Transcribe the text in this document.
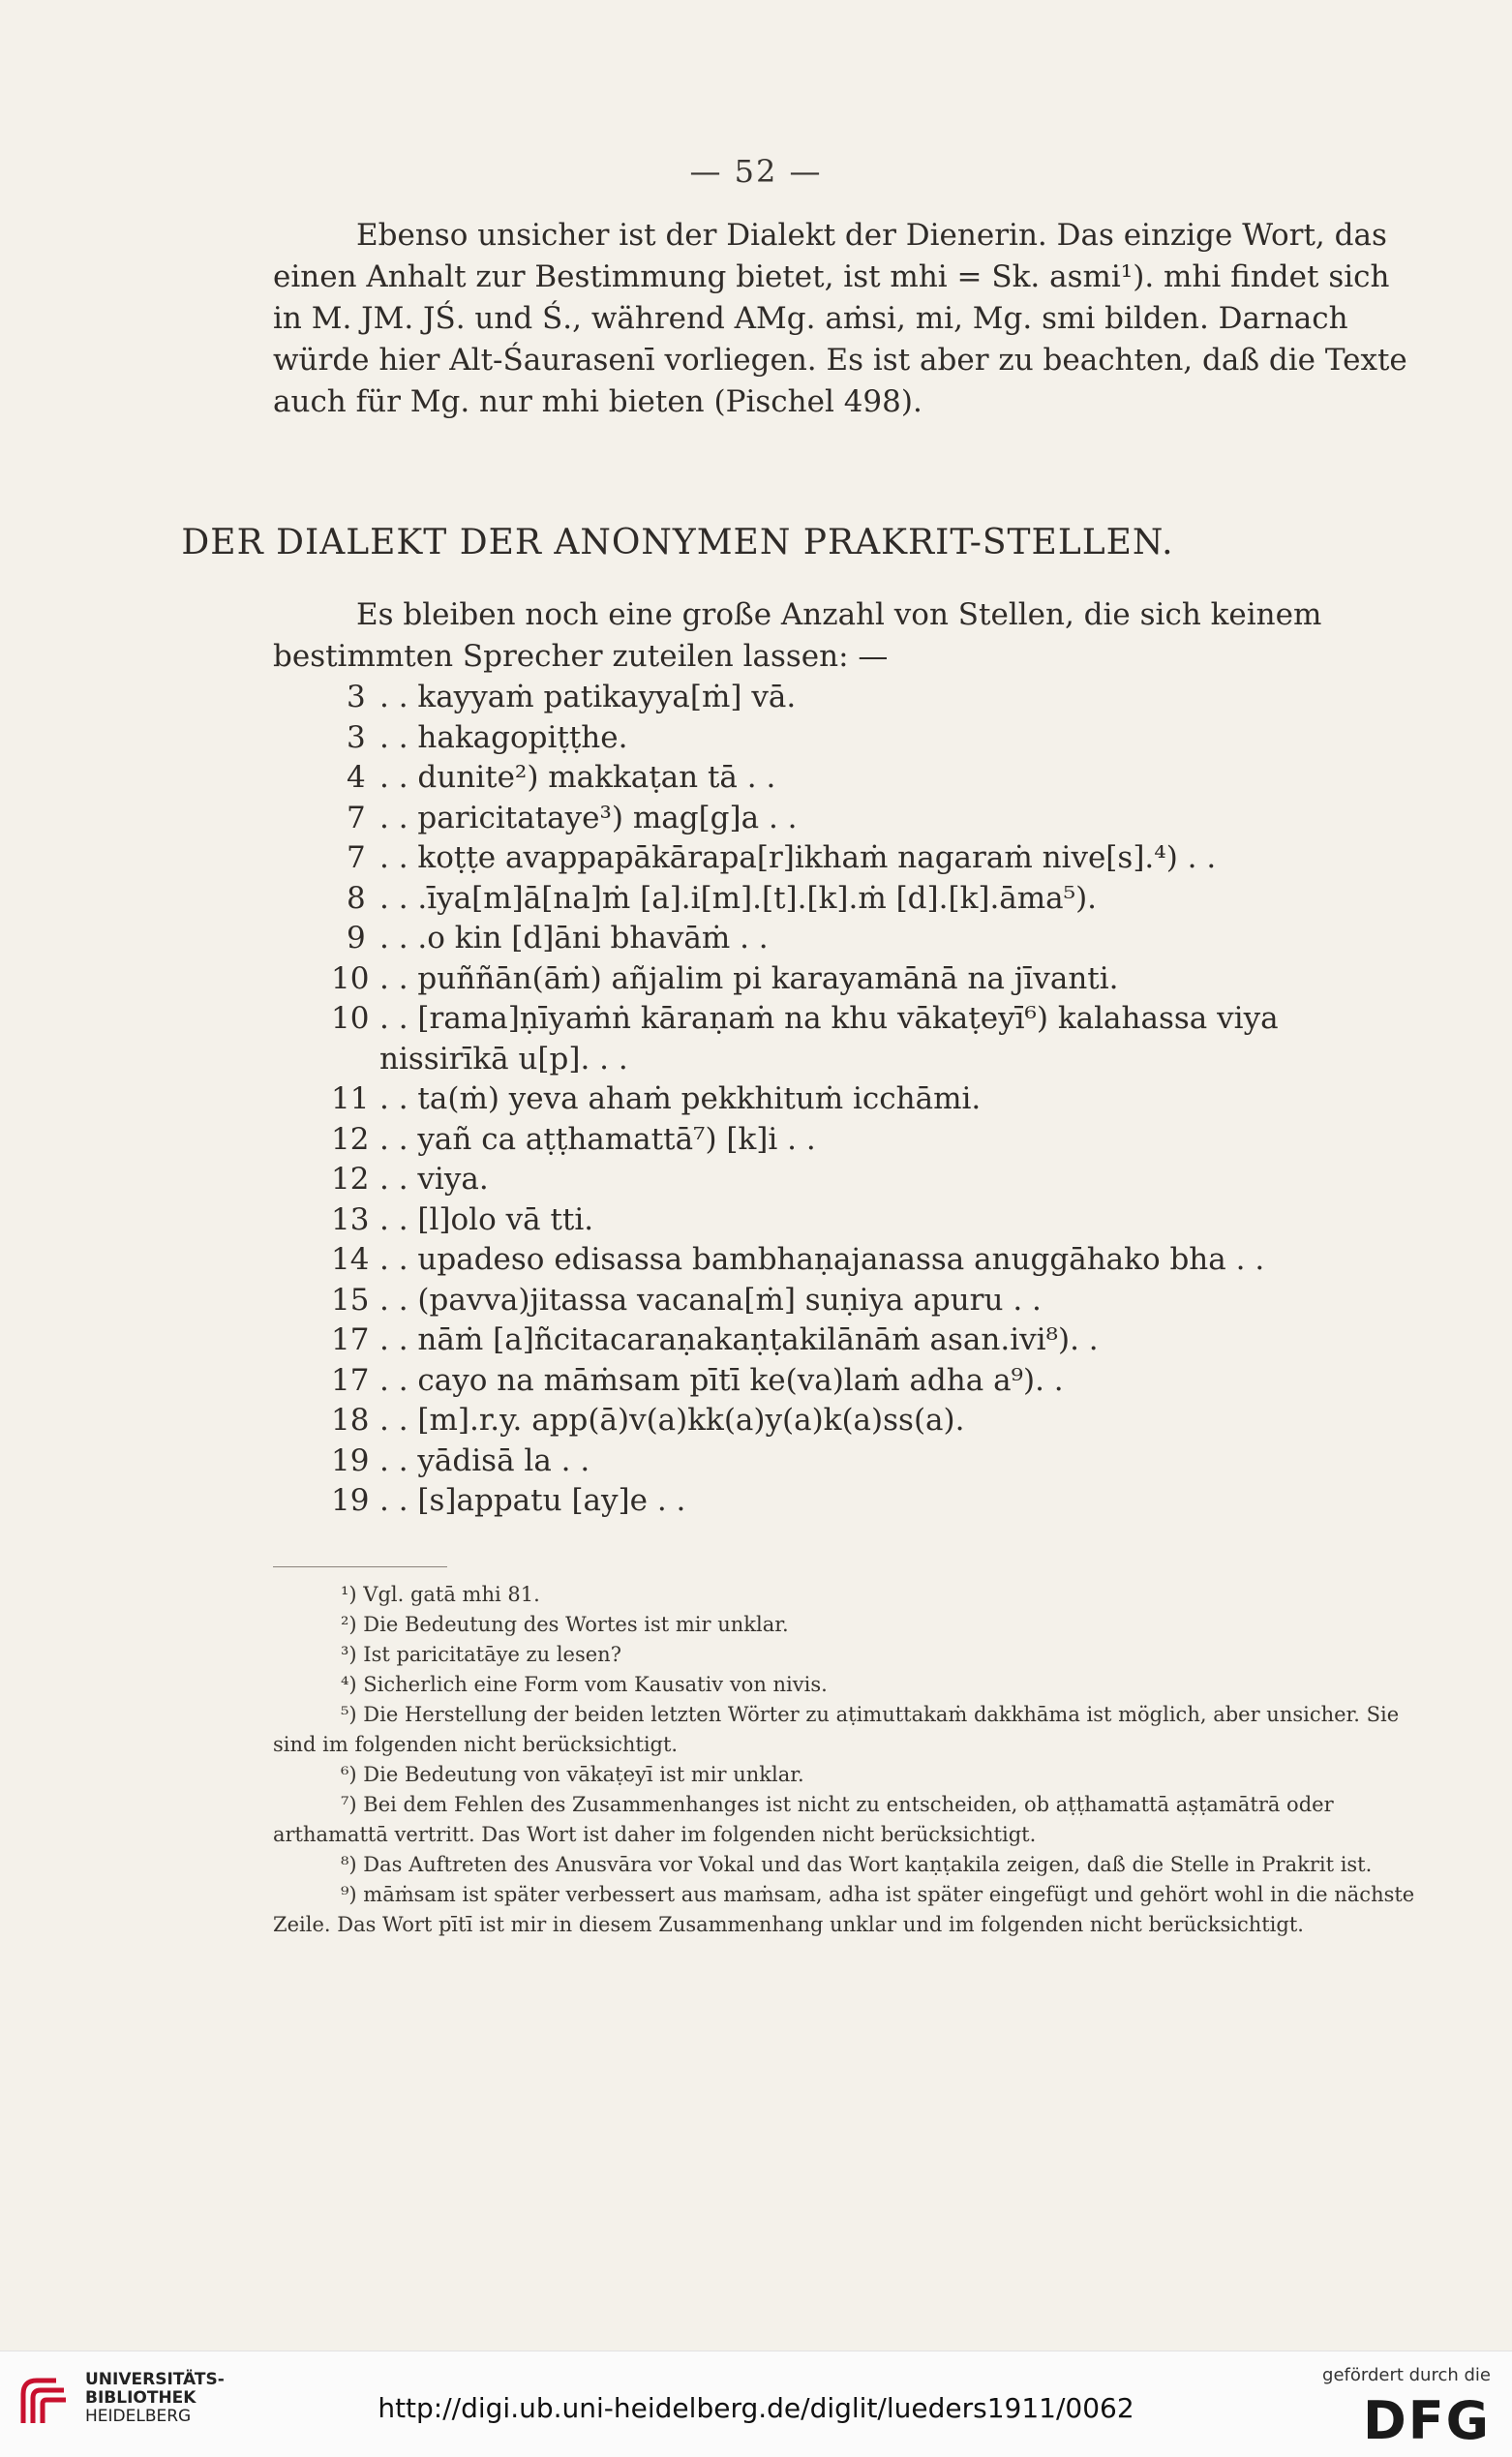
— 52 —
Ebenso unsicher ist der Dialekt der Dienerin. Das einzige Wort, das einen Anhalt zur Bestimmung bietet, ist mhi = Sk. asmi¹). mhi findet sich in M. JM. JŚ. und Ś., während AMg. aṁsi, mi, Mg. smi bilden. Darnach würde hier Alt-Śaurasenī vorliegen. Es ist aber zu beachten, daß die Texte auch für Mg. nur mhi bieten (Pischel 498).
DER DIALEKT DER ANONYMEN PRAKRIT-STELLEN.
Es bleiben noch eine große Anzahl von Stellen, die sich keinem bestimmten Sprecher zuteilen lassen: —
3 . . kayyaṁ patikayya[ṁ] vā.
3 . . hakagopiṭṭhe.
4 . . dunite²) makkaṭan tā . .
7 . . paricitataye³) mag[g]a . .
7 . . koṭṭe avappapākārapa[r]ikhaṁ nagaraṁ nive[s].⁴) . .
8 . . .īya[m]ā[na]ṁ [a].i[m].[t].[k].ṁ [d].[k].āma⁵).
9 . . .o kin [d]āni bhavāṁ . .
10 . . puññān(āṁ) añjalim pi karayamānā na jīvanti.
10 . . [rama]ṇīyaṁṅ kāraṇaṁ na khu vākaṭeyī⁶) kalahassa viya
nissirīkā u[p]. . .
11 . . ta(ṁ) yeva ahaṁ pekkhituṁ icchāmi.
12 . . yañ ca aṭṭhamattā⁷) [k]i . .
12 . . viya.
13 . . [l]olo vā tti.
14 . . upadeso edisassa bambhaṇajanassa anuggāhako bha . .
15 . . (pavva)jitassa vacana[ṁ] suṇiya apuru . .
17 . . nāṁ [a]ñcitacaraṇakaṇṭakilānāṁ asan.ivi⁸). .
17 . . cayo na māṁsam pītī ke(va)laṁ adha a⁹). .
18 . . [m].r.y. app(ā)v(a)kk(a)y(a)k(a)ss(a).
19 . . yādisā la . .
19 . . [s]appatu [ay]e . .
¹) Vgl. gatā mhi 81.
²) Die Bedeutung des Wortes ist mir unklar.
³) Ist paricitatāye zu lesen?
⁴) Sicherlich eine Form vom Kausativ von nivis.
⁵) Die Herstellung der beiden letzten Wörter zu aṭimuttakaṁ dakkhāma ist möglich, aber unsicher. Sie sind im folgenden nicht berücksichtigt.
⁶) Die Bedeutung von vākaṭeyī ist mir unklar.
⁷) Bei dem Fehlen des Zusammenhanges ist nicht zu entscheiden, ob aṭṭhamattā aṣṭamātrā oder arthamattā vertritt. Das Wort ist daher im folgenden nicht berücksichtigt.
⁸) Das Auftreten des Anusvāra vor Vokal und das Wort kaṇṭakila zeigen, daß die Stelle in Prakrit ist.
⁹) māṁsam ist später verbessert aus maṁsam, adha ist später eingefügt und gehört wohl in die nächste Zeile. Das Wort pītī ist mir in diesem Zusammenhang unklar und im folgenden nicht berücksichtigt.
UNIVERSITÄTS-
BIBLIOTHEK
HEIDELBERG	http://digi.ub.uni-heidelberg.de/diglit/lueders1911/0062
gefördert durch die
DFG
